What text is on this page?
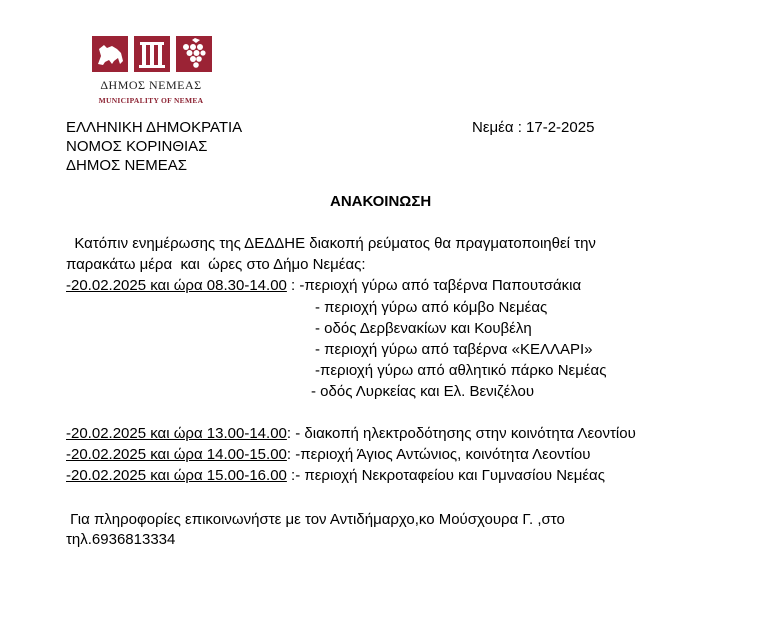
ΔΗΜΟΣ ΝΕΜΕΑΣ
MUNICIPALITY OF NEMEA
ΕΛΛΗΝΙΚΗ ΔΗΜΟΚΡΑΤΙΑ
ΝΟΜΟΣ ΚΟΡΙΝΘΙΑΣ
ΔΗΜΟΣ ΝΕΜΕΑΣ
Νεμέα : 17-2-2025
ΑΝΑΚΟΙΝΩΣΗ
Κατόπιν ενημέρωσης της ΔΕΔΔΗΕ διακοπή ρεύματος θα πραγματοποιηθεί την
παρακάτω μέρα  και  ώρες στο Δήμο Νεμέας:
-20.02.2025 και ώρα 08.30-14.00 : -περιοχή γύρω από ταβέρνα Παπουτσάκια
- περιοχή γύρω από κόμβο Νεμέας
- οδός Δερβενακίων και Κουβέλη
- περιοχή γύρω από ταβέρνα «ΚΕΛΛΑΡΙ»
-περιοχή γύρω από αθλητικό πάρκο Νεμέας
- οδός Λυρκείας και Ελ. Βενιζέλου
-20.02.2025 και ώρα 13.00-14.00: - διακοπή ηλεκτροδότησης στην κοινότητα Λεοντίου
-20.02.2025 και ώρα 14.00-15.00: -περιοχή Άγιος Αντώνιος, κοινότητα Λεοντίου
-20.02.2025 και ώρα 15.00-16.00 :- περιοχή Νεκροταφείου και Γυμνασίου Νεμέας
Για πληροφορίες επικοινωνήστε με τον Αντιδήμαρχο,κο Μούσχουρα Γ. ,στο
τηλ.6936813334
